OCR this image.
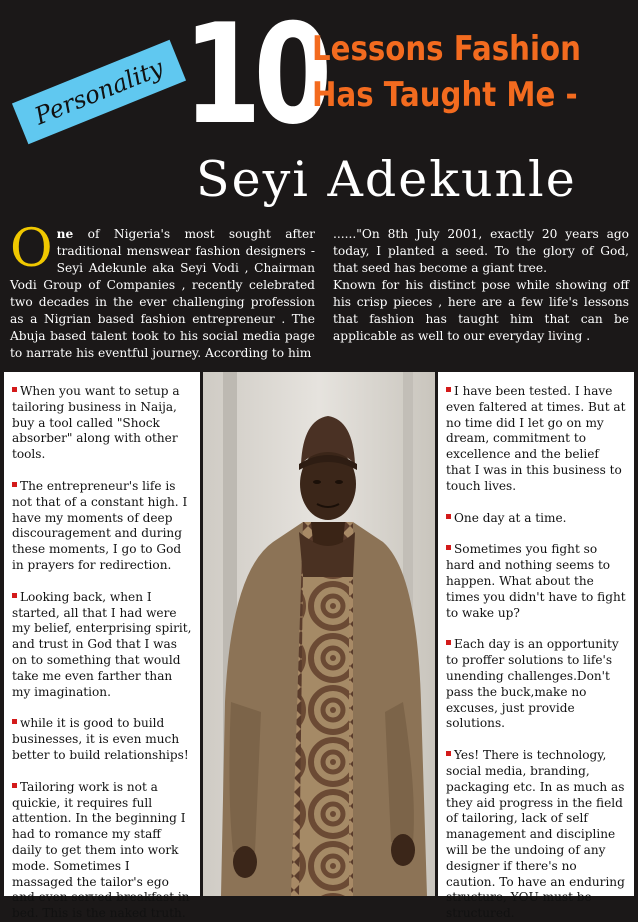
Personality 10
Lessons Fashion
Has Taught Me -
Seyi Adekunle

One of Nigeria's most sought after traditional menswear fashion designers - Seyi Adekunle aka Seyi Vodi , Chairman Vodi Group of Companies , recently celebrated two decades in the ever challenging profession as a Nigrian based fashion entrepreneur . The Abuja based talent took to his social media page to narrate his eventful journey. According to him

......"On 8th July 2001, exactly 20 years ago today, I planted a seed. To the glory of God, that seed has become a giant tree.

Known for his distinct pose while showing off his crisp pieces , here are a few life's lessons that fashion has taught him that can be applicable as well to our everyday living .

When you want to setup a tailoring business in Naija, buy a tool called "Shock absorber" along with other tools.

The entrepreneur's life is not that of a constant high. I have my moments of deep discouragement and during these moments, I go to God in prayers for redirection.

Looking back, when I started, all that I had were my belief, enterprising spirit, and trust in God that I was on to something that would take me even farther than my imagination.

while it is good to build businesses, it is even much better to build relationships!

Tailoring work is not a quickie, it requires full attention. In the beginning I had to romance my staff daily to get them into work mode. Sometimes I massaged the tailor's ego and even served breakfast in bed. This is the naked truth.

I have been tested. I have even faltered at times. But at no time did I let go on my dream, commitment to excellence and the belief that I was in this business to touch lives.

One day at a time.

Sometimes you fight so hard and nothing seems to happen. What about the times you didn't have to fight to wake up?

Each day is an opportunity to proffer solutions to life's unending challenges.Don't pass the buck,make no excuses, just provide solutions.

Yes! There is technology, social media, branding, packaging etc. In as much as they aid progress in the field of tailoring, lack of self management and discipline will be the undoing of any designer if there's no caution. To have an enduring structure, YOU must be structured.
